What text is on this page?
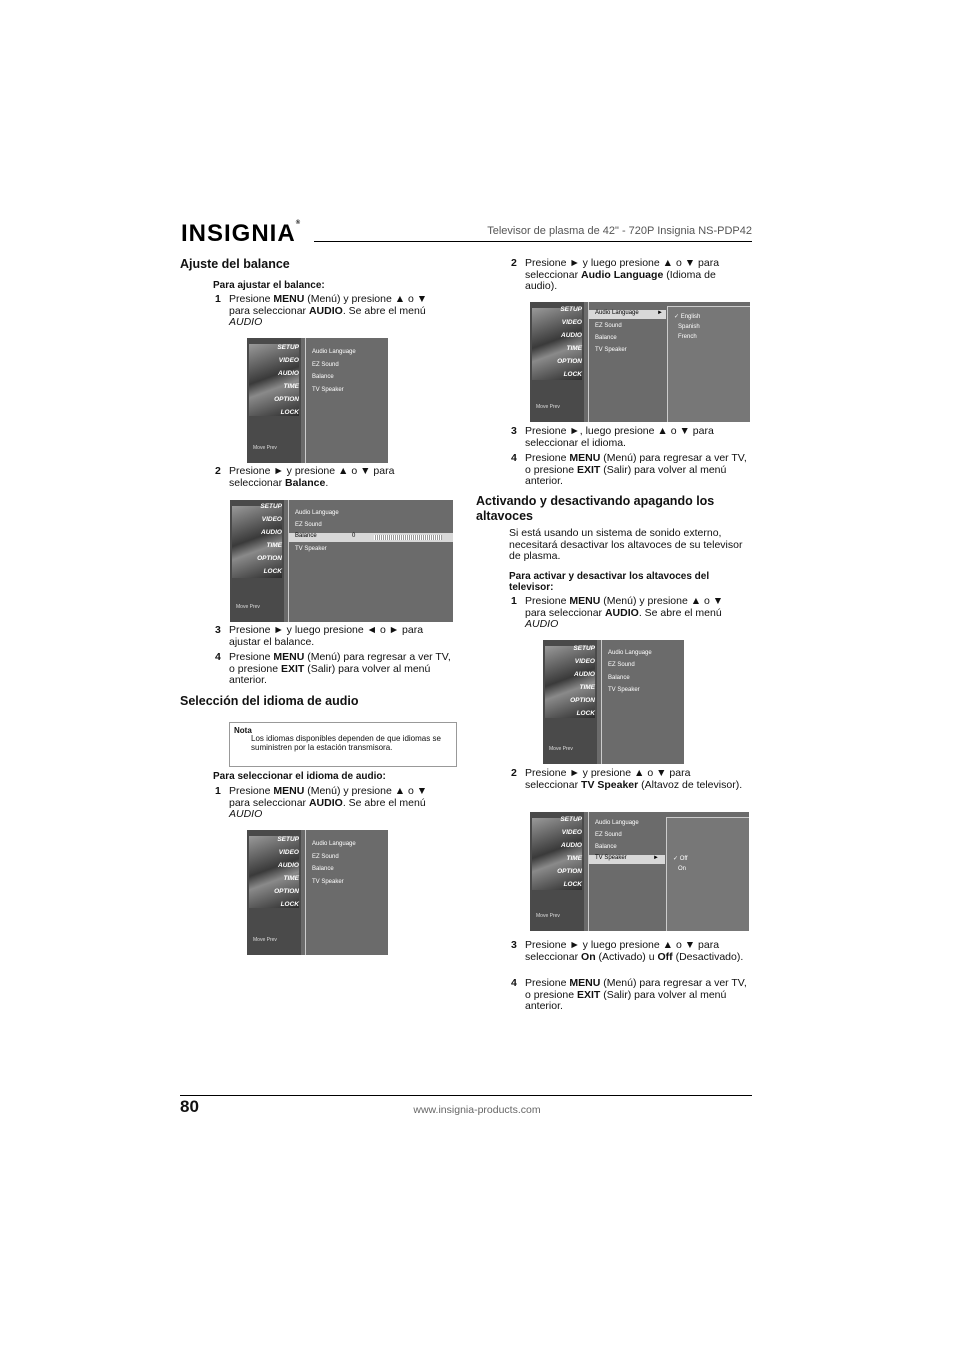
INSIGNIA®
Televisor de plasma de 42" - 720P Insignia NS-PDP42
Ajuste del balance
Para ajustar el balance:
1 Presione MENU (Menú) y presione ▲ o ▼ para seleccionar AUDIO. Se abre el menú AUDIO
SETUP
VIDEO
AUDIO
TIME
OPTION
LOCK
Move Prev
Audio Language
EZ Sound
Balance
TV Speaker
2 Presione ► y presione ▲ o ▼ para seleccionar Balance.
SETUP
VIDEO
AUDIO
TIME
OPTION
LOCK
Move Prev
Audio Language
EZ Sound
Balance	0
TV Speaker
3 Presione ► y luego presione ◄ o ► para ajustar el balance.
4 Presione MENU (Menú) para regresar a ver TV, o presione EXIT (Salir) para volver al menú anterior.
Selección del idioma de audio
Nota
Los idiomas disponibles dependen de que idiomas se suministren por la estación transmisora.
Para seleccionar el idioma de audio:
1 Presione MENU (Menú) y presione ▲ o ▼ para seleccionar AUDIO. Se abre el menú AUDIO
SETUP
VIDEO
AUDIO
TIME
OPTION
LOCK
Move Prev
Audio Language
EZ Sound
Balance
TV Speaker
2 Presione ► y luego presione ▲ o ▼ para seleccionar Audio Language (Idioma de audio).
SETUP
VIDEO
AUDIO
TIME
OPTION
LOCK
Move Prev
Audio Language	►
EZ Sound
Balance
TV Speaker
✓ English
Spanish
French
3 Presione ►, luego presione ▲ o ▼ para seleccionar el idioma.
4 Presione MENU (Menú) para regresar a ver TV, o presione EXIT (Salir) para volver al menú anterior.
Activando y desactivando apagando los altavoces
Si está usando un sistema de sonido externo, necesitará desactivar los altavoces de su televisor de plasma.
Para activar y desactivar los altavoces del televisor:
1 Presione MENU (Menú) y presione ▲ o ▼ para seleccionar AUDIO. Se abre el menú AUDIO
SETUP
VIDEO
AUDIO
TIME
OPTION
LOCK
Move Prev
Audio Language
EZ Sound
Balance
TV Speaker
2 Presione ► y presione ▲ o ▼ para seleccionar TV Speaker (Altavoz de televisor).
SETUP
VIDEO
AUDIO
TIME
OPTION
LOCK
Move Prev
Audio Language
EZ Sound
Balance
TV Speaker	► ✓ Off
On
3 Presione ► y luego presione ▲ o ▼ para seleccionar On (Activado) u Off (Desactivado).
4 Presione MENU (Menú) para regresar a ver TV, o presione EXIT (Salir) para volver al menú anterior.
80	www.insignia-products.com
